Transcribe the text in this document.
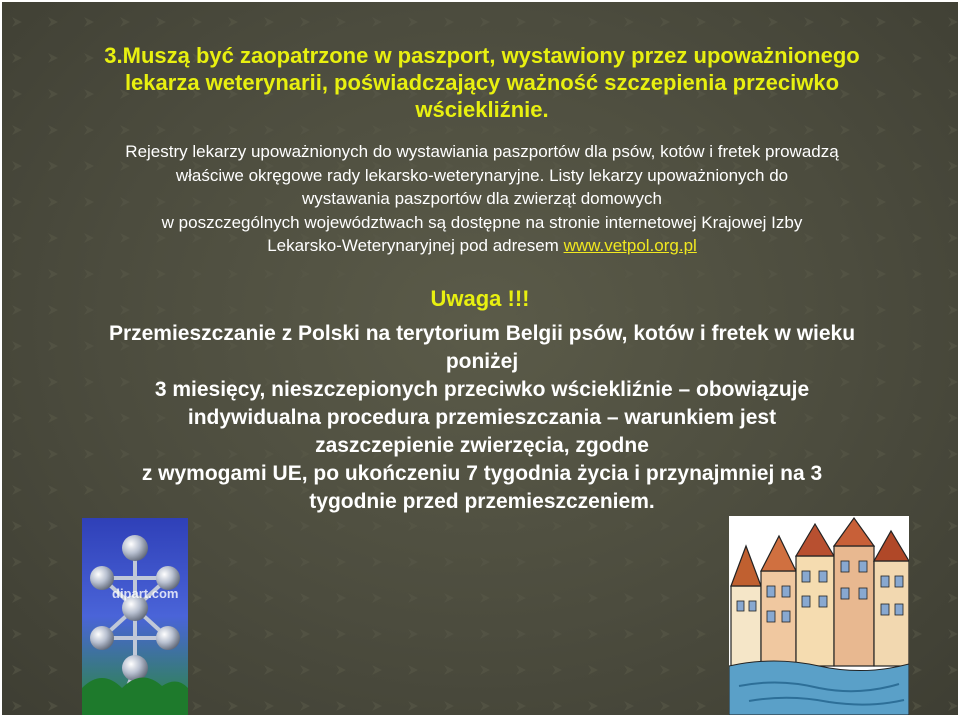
3.Muszą być zaopatrzone w paszport, wystawiony przez upoważnionego
lekarza weterynarii, poświadczający ważność szczepienia przeciwko
wściekliźnie.
Rejestry lekarzy upoważnionych do wystawiania paszportów dla psów, kotów i fretek prowadzą
właściwe okręgowe rady lekarsko-weterynaryjne. Listy lekarzy upoważnionych do
wystawania paszportów dla zwierząt domowych
w poszczególnych województwach są dostępne na stronie internetowej Krajowej Izby
Lekarsko-Weterynaryjnej pod adresem www.vetpol.org.pl
Uwaga !!!
Przemieszczanie z Polski na terytorium Belgii psów, kotów i fretek w wieku
poniżej
3 miesięcy, nieszczepionych przeciwko wściekliźnie – obowiązuje
indywidualna procedura przemieszczania – warunkiem jest
zaszczepienie zwierzęcia, zgodne
z wymogami UE, po ukończeniu 7 tygodnia życia i przynajmniej na 3
tygodnie przed przemieszczeniem.
dipart.com
